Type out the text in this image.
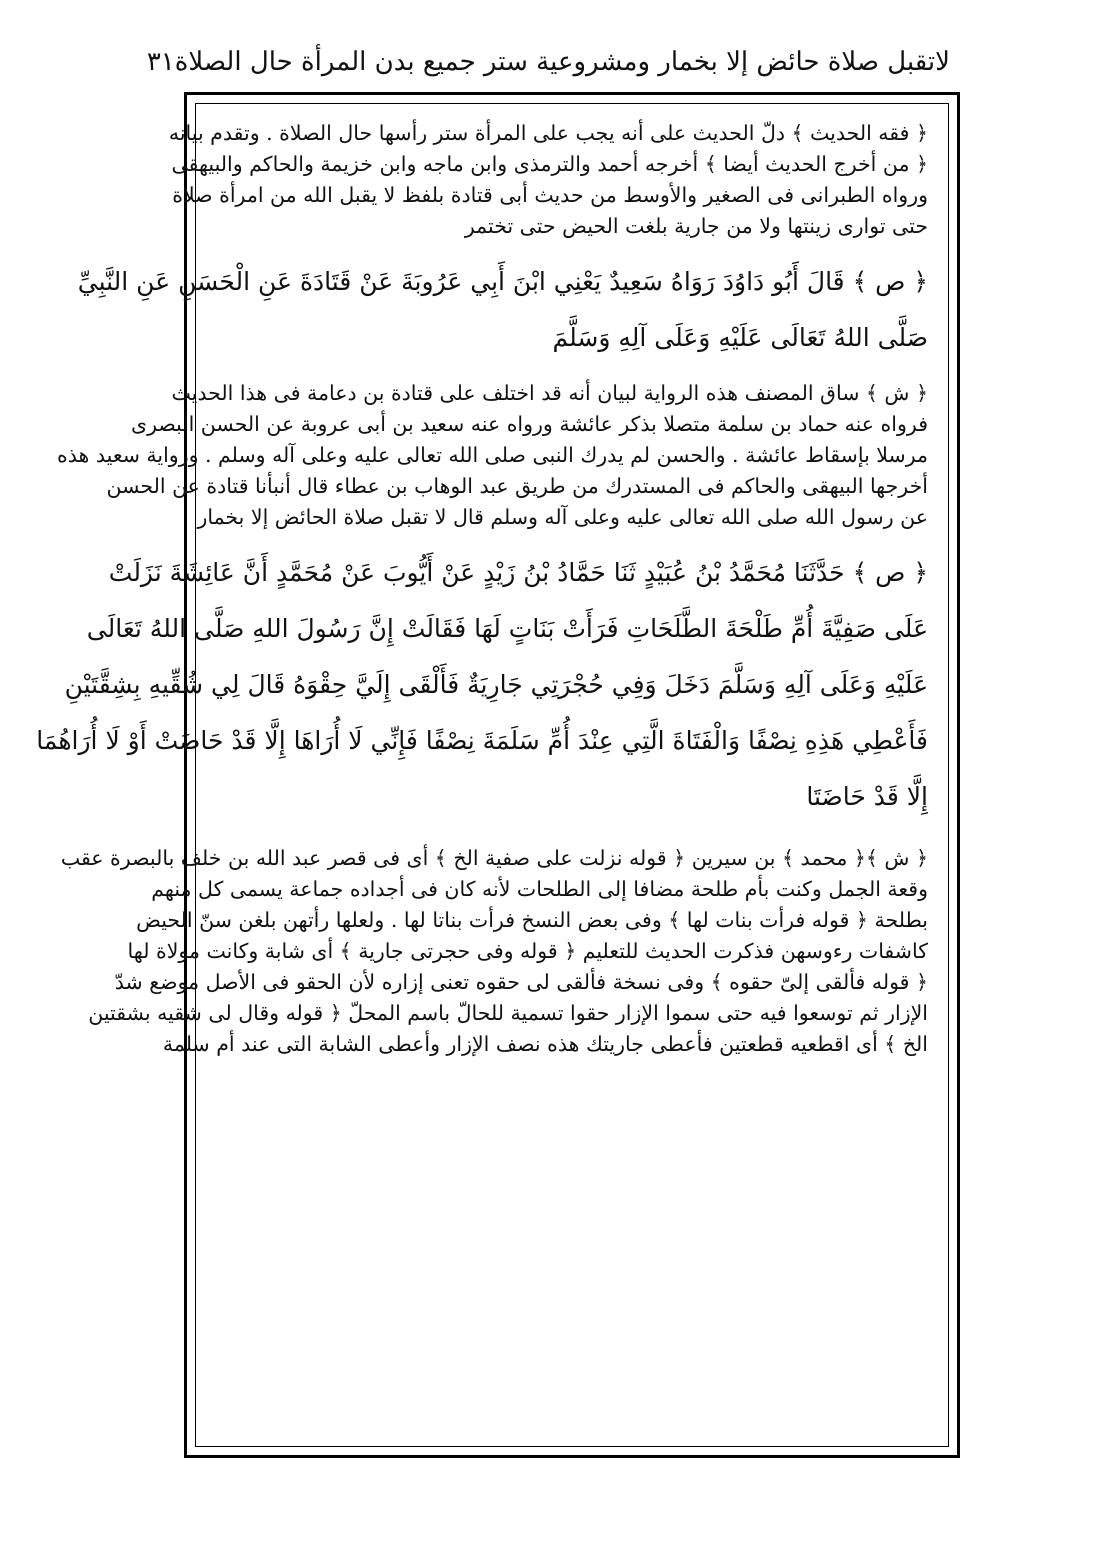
لاتقبل صلاة حائض إلا بخمار ومشروعية ستر جميع بدن المرأة حال الصلاة
٣١
﴿ فقه الحديث ﴾ دلّ الحديث على أنه يجب على المرأة ستر رأسها حال الصلاة . وتقدم بيانه
﴿ من أخرج الحديث أيضا ﴾ أخرجه أحمد والترمذى وابن ماجه وابن خزيمة والحاكم والبيهقى
ورواه الطبرانى فى الصغير والأوسط من حديث أبى قتادة بلفظ لا يقبل الله من امرأة صلاة
حتى توارى زينتها ولا من جارية بلغت الحيض حتى تختمر
﴿ ص ﴾ قَالَ أَبُو دَاوُدَ رَوَاهُ سَعِيدٌ يَعْنِي ابْنَ أَبِي عَرُوبَةَ عَنْ قَتَادَةَ عَنِ الْحَسَنِ عَنِ النَّبِيِّ
صَلَّى اللهُ تَعَالَى عَلَيْهِ وَعَلَى آلِهِ وَسَلَّمَ
﴿ ش ﴾ ساق المصنف هذه الرواية لبيان أنه قد اختلف على قتادة بن دعامة فى هذا الحديث
فرواه عنه حماد بن سلمة متصلا بذكر عائشة ورواه عنه سعيد بن أبى عروبة عن الحسن البصرى
مرسلا بإسقاط عائشة . والحسن لم يدرك النبى صلى الله تعالى عليه وعلى آله وسلم . ورواية سعيد هذه
أخرجها البيهقى والحاكم فى المستدرك من طريق عبد الوهاب بن عطاء قال أنبأنا قتادة عن الحسن
عن رسول الله صلى الله تعالى عليه وعلى آله وسلم قال لا تقبل صلاة الحائض إلا بخمار
﴿ ص ﴾ حَدَّثَنَا مُحَمَّدُ بْنُ عُبَيْدٍ ثَنَا حَمَّادُ بْنُ زَيْدٍ عَنْ أَيُّوبَ عَنْ مُحَمَّدٍ أَنَّ عَائِشَةَ نَزَلَتْ
عَلَى صَفِيَّةَ أُمِّ طَلْحَةَ الطَّلَحَاتِ فَرَأَتْ بَنَاتٍ لَهَا فَقَالَتْ إِنَّ رَسُولَ اللهِ صَلَّى اللهُ تَعَالَى
عَلَيْهِ وَعَلَى آلِهِ وَسَلَّمَ دَخَلَ وَفِي حُجْرَتِي جَارِيَةٌ فَأَلْقَى إِلَيَّ حِقْوَهُ قَالَ لِي شُقِّيهِ بِشِقَّتَيْنِ
فَأَعْطِي هَذِهِ نِصْفًا وَالْفَتَاةَ الَّتِي عِنْدَ أُمِّ سَلَمَةَ نِصْفًا فَإِنِّي لَا أُرَاهَا إِلَّا قَدْ حَاضَتْ أَوْ لَا أُرَاهُمَا
إِلَّا قَدْ حَاضَتَا
﴿ ش ﴾﴿ محمد ﴾ بن سيرين ﴿ قوله نزلت على صفية الخ ﴾ أى فى قصر عبد الله بن خلف بالبصرة عقب
وقعة الجمل وكنت بأم طلحة مضافا إلى الطلحات لأنه كان فى أجداده جماعة يسمى كل منهم
بطلحة ﴿ قوله فرأت بنات لها ﴾ وفى بعض النسخ فرأت بناتا لها . ولعلها رأتهن بلغن سنّ الحيض
كاشفات رءوسهن فذكرت الحديث للتعليم ﴿ قوله وفى حجرتى جارية ﴾ أى شابة وكانت مولاة لها
﴿ قوله فألقى إلىّ حقوه ﴾ وفى نسخة فألقى لى حقوه تعنى إزاره لأن الحقو فى الأصل موضع شدّ
الإزار ثم توسعوا فيه حتى سموا الإزار حقوا تسمية للحالّ باسم المحلّ ﴿ قوله وقال لى شقيه بشقتين
الخ ﴾ أى اقطعيه قطعتين فأعطى جاريتك هذه نصف الإزار وأعطى الشابة التى عند أم سلمة
